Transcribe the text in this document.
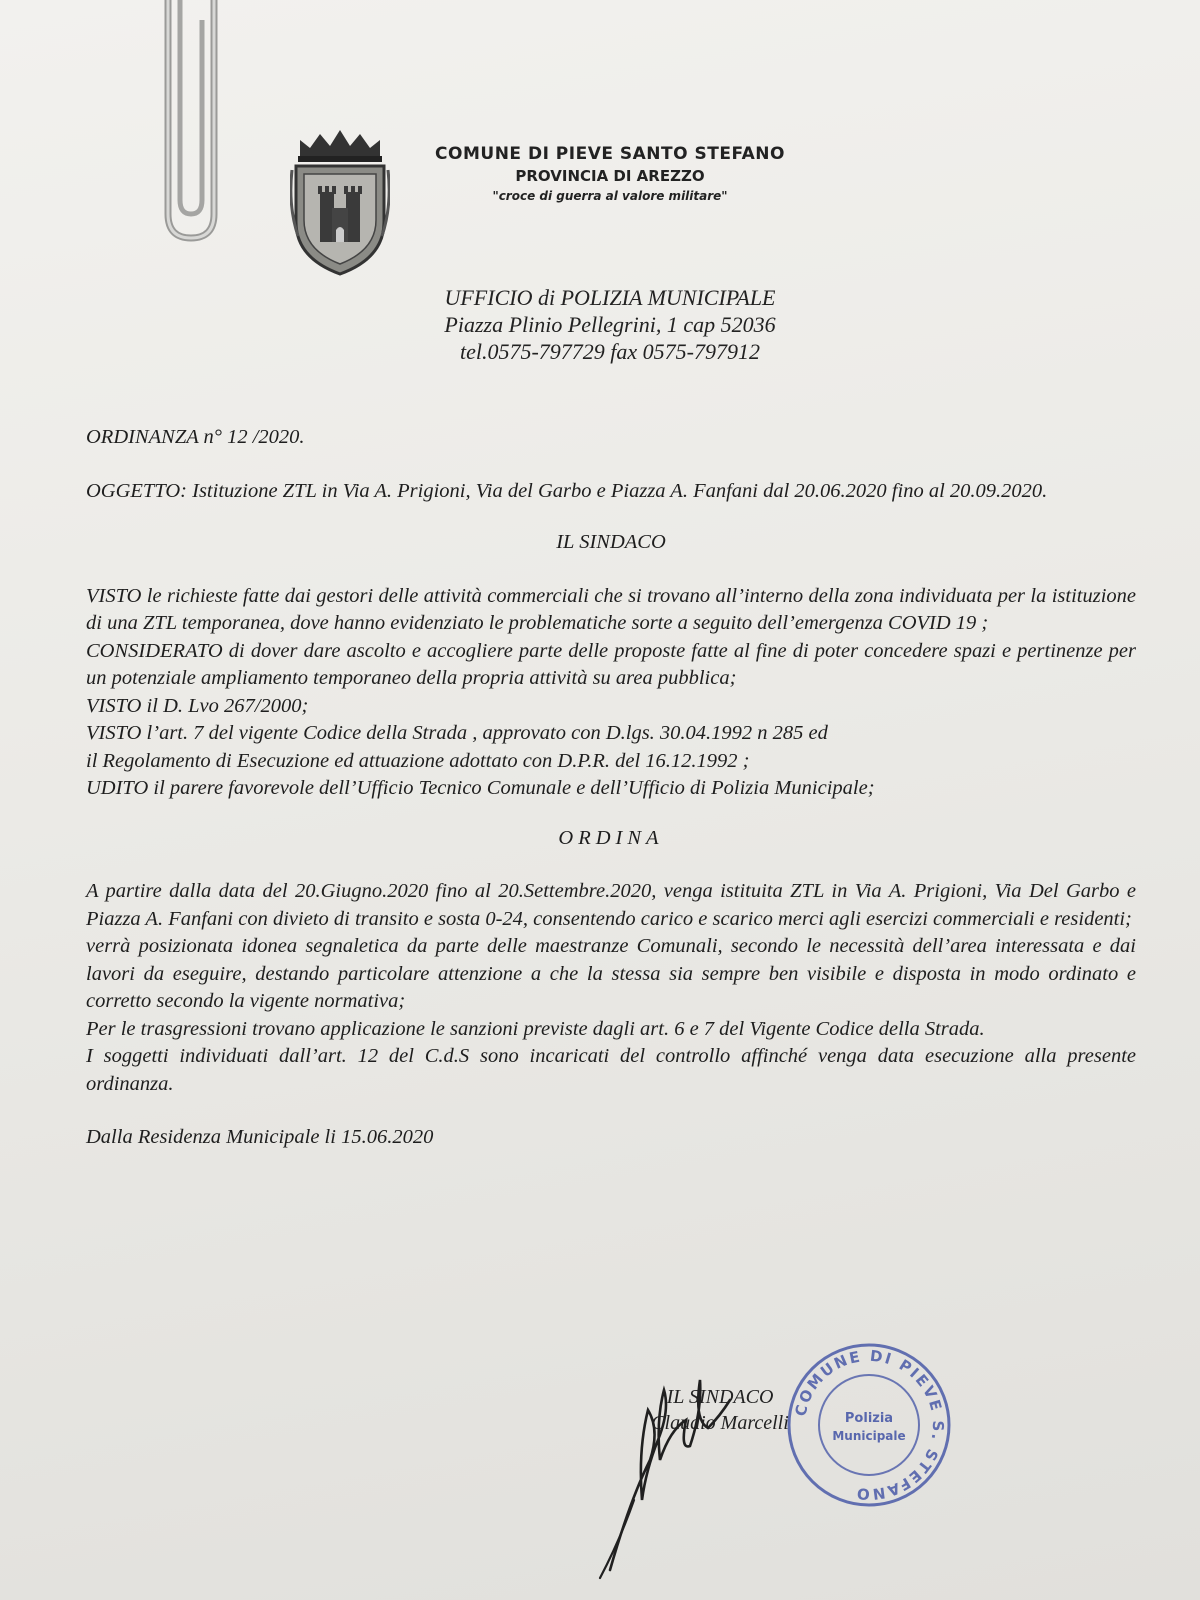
COMUNE DI PIEVE SANTO STEFANO
PROVINCIA DI AREZZO
"croce di guerra al valore militare"
UFFICIO di POLIZIA MUNICIPALE
Piazza Plinio Pellegrini, 1 cap 52036
tel.0575-797729 fax 0575-797912

ORDINANZA n° 12 /2020.

OGGETTO: Istituzione ZTL in Via A. Prigioni, Via del Garbo e Piazza A. Fanfani dal 20.06.2020 fino al 20.09.2020.

IL SINDACO

VISTO le richieste fatte dai gestori delle attività commerciali che si trovano all’interno della zona individuata per la istituzione di una ZTL temporanea, dove hanno evidenziato le problematiche sorte a seguito dell’emergenza COVID 19 ;

CONSIDERATO di dover dare ascolto e accogliere parte delle proposte fatte al fine di poter concedere spazi e pertinenze per un potenziale ampliamento temporaneo della propria attività su area pubblica;

VISTO il D. Lvo 267/2000;

VISTO l’art. 7 del vigente Codice della Strada , approvato con D.lgs. 30.04.1992 n 285 ed

il Regolamento di Esecuzione ed attuazione adottato con D.P.R. del 16.12.1992 ;

UDITO il parere favorevole dell’Ufficio Tecnico Comunale e dell’Ufficio di Polizia Municipale;

ORDINA

A partire dalla data del 20.Giugno.2020 fino al 20.Settembre.2020, venga istituita ZTL in Via A. Prigioni, Via Del Garbo e Piazza A. Fanfani con divieto di transito e sosta 0-24, consentendo carico e scarico merci agli esercizi commerciali e residenti;

verrà posizionata idonea segnaletica da parte delle maestranze Comunali, secondo le necessità dell’area interessata e dai lavori da eseguire, destando particolare attenzione a che la stessa sia sempre ben visibile e disposta in modo ordinato e corretto secondo la vigente normativa;

Per le trasgressioni trovano applicazione le sanzioni previste dagli art. 6 e 7 del Vigente Codice della Strada.

I soggetti individuati dall’art. 12 del C.d.S sono incaricati del controllo affinché venga data esecuzione alla presente ordinanza.

Dalla Residenza Municipale li 15.06.2020

IL SINDACO
Claudio Marcelli
COMUNE DI PIEVE S. STEFANO
Polizia
Municipale
